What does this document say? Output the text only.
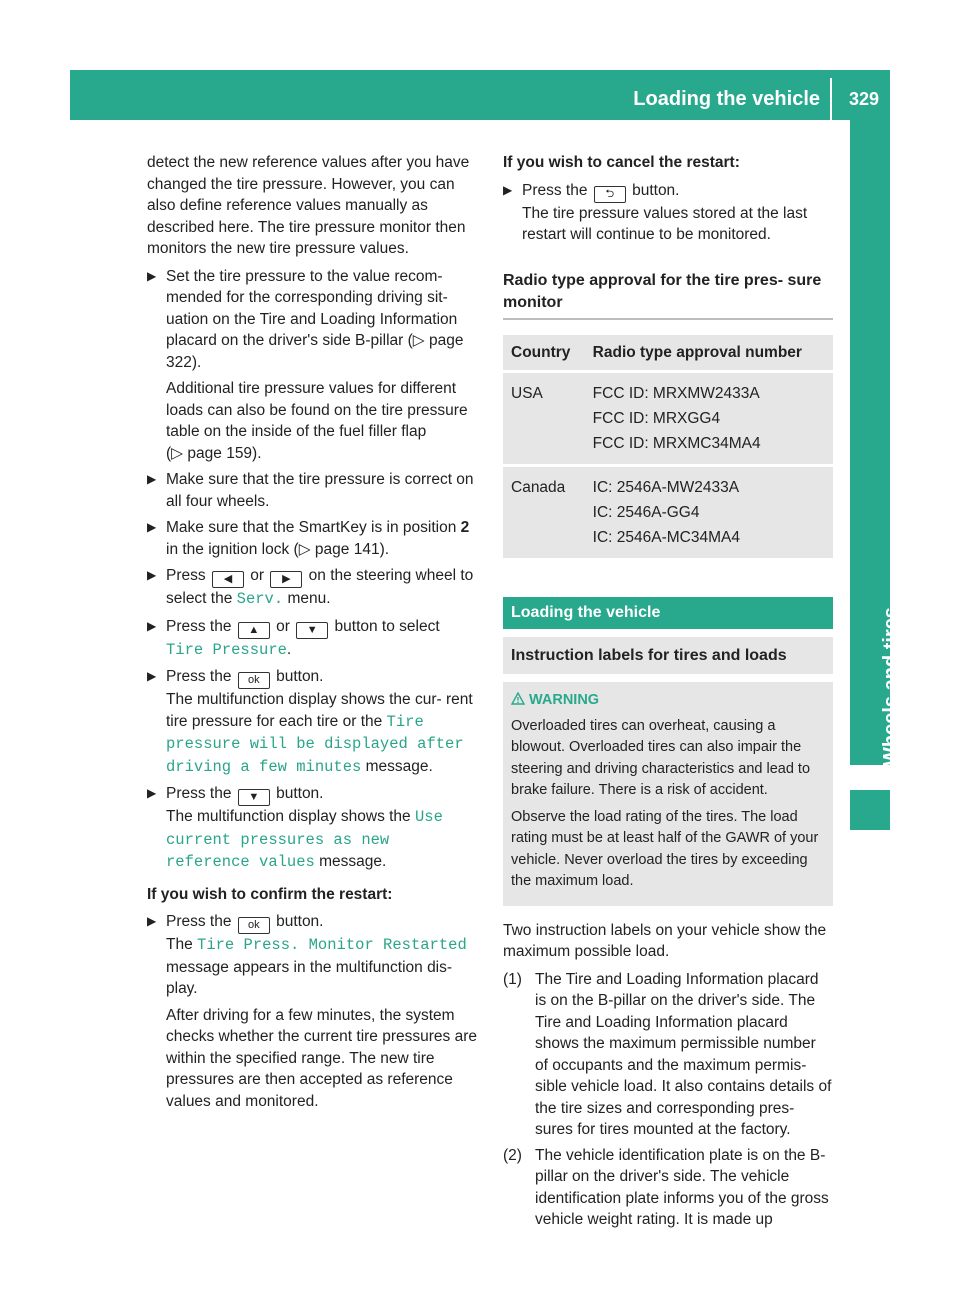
Loading the vehicle	329
Wheels and tires

detect the new reference values after you have changed the tire pressure. However, you can also define reference values manually as described here. The tire pressure monitor then monitors the new tire pressure values.

▶ Set the tire pressure to the value recom- mended for the corresponding driving sit- uation on the Tire and Loading Information placard on the driver's side B-pillar (▷ page 322).
Additional tire pressure values for different loads can also be found on the tire pressure table on the inside of the fuel filler flap (▷ page 159).
▶ Make sure that the tire pressure is correct on all four wheels.
▶ Make sure that the SmartKey is in position 2 in the ignition lock (▷ page 141).
▶ Press ◀ or ▶ on the steering wheel to select the Serv. menu.
▶ Press the ▲ or ▼ button to select
Tire Pressure.
▶ Press the ok button.
The multifunction display shows the cur- rent tire pressure for each tire or the Tire pressure will be displayed after driving a few minutes message.
▶ Press the ▼ button.
The multifunction display shows the Use current pressures as new reference values message.
If you wish to confirm the restart:
▶ Press the ok button.
The Tire Press. Monitor Restarted message appears in the multifunction dis- play.
After driving for a few minutes, the system checks whether the current tire pressures are within the specified range. The new tire pressures are then accepted as reference values and monitored.
If you wish to cancel the restart:
▶ Press the ⮌ button.
The tire pressure values stored at the last restart will continue to be monitored.
Radio type approval for the tire pres- sure monitor
Country	Radio type approval number
USA	FCC ID: MRXMW2433A
FCC ID: MRXGG4
FCC ID: MRXMC34MA4

Canada	IC: 2546A-MW2433A
IC: 2546A-GG4
IC: 2546A-MC34MA4
Loading the vehicle
Instruction labels for tires and loads
WARNING

Overloaded tires can overheat, causing a blowout. Overloaded tires can also impair the steering and driving characteristics and lead to brake failure. There is a risk of accident.

Observe the load rating of the tires. The load rating must be at least half of the GAWR of your vehicle. Never overload the tires by exceeding the maximum load.

Two instruction labels on your vehicle show the maximum possible load.

(1) The Tire and Loading Information placard is on the B-pillar on the driver's side. The Tire and Loading Information placard shows the maximum permissible number of occupants and the maximum permis- sible vehicle load. It also contains details of the tire sizes and corresponding pres- sures for tires mounted at the factory.
(2) The vehicle identification plate is on the B-pillar on the driver's side. The vehicle identification plate informs you of the gross vehicle weight rating. It is made up
